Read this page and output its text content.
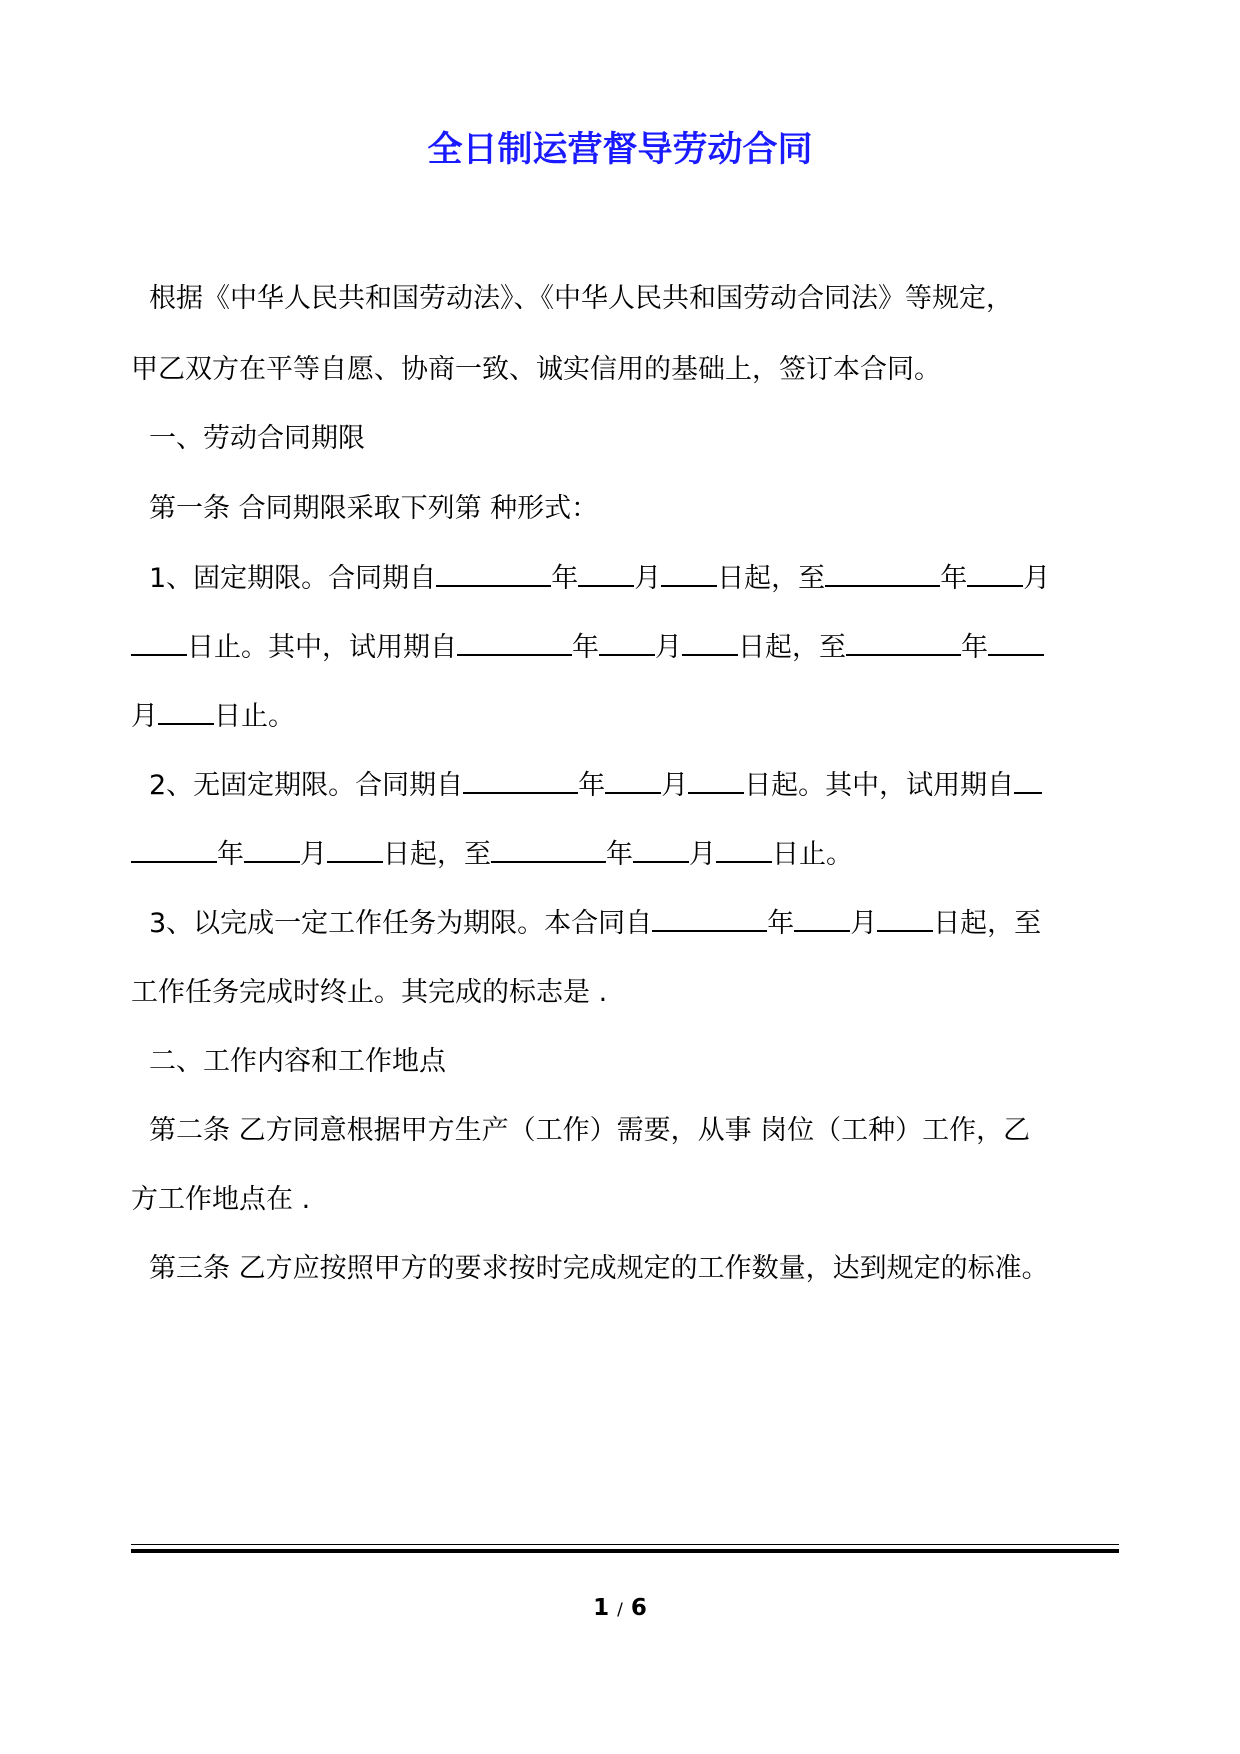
全日制运营督导劳动合同
根据《中华人民共和国劳动法》、《中华人民共和国劳动合同法》等规定，
甲乙双方在平等自愿、协商一致、诚实信用的基础上，签订本合同。
一、劳动合同期限
第一条 合同期限采取下列第 种形式：
1、固定期限。合同期自	年 月 日起，至	年 月
日止。其中，试用期自	年 月 日起，至	年
月 日止。
2、无固定期限。合同期自	年 月 日起。其中，试用期自
年 月 日起，至	年 月 日止。
3、以完成一定工作任务为期限。本合同自	年 月 日起，至
工作任务完成时终止。其完成的标志是 .
二、工作内容和工作地点
第二条 乙方同意根据甲方生产（工作）需要，从事 岗位（工种）工作，乙
方工作地点在 .
第三条 乙方应按照甲方的要求按时完成规定的工作数量，达到规定的标准。
1 / 6
